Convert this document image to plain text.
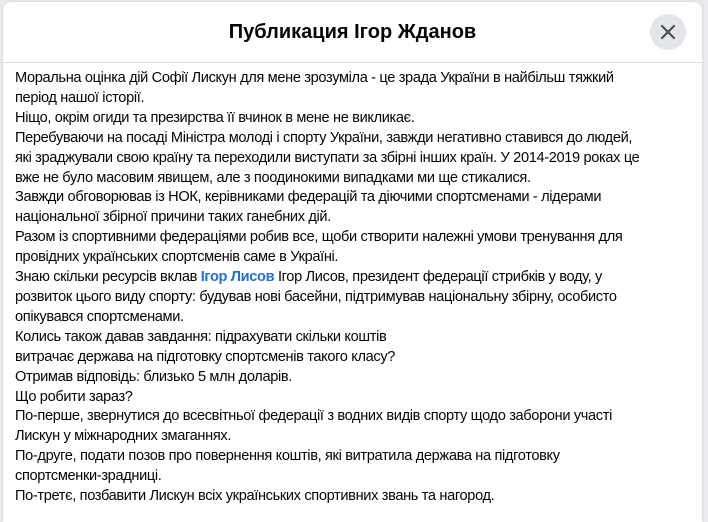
Публикация Ігор Жданов
Моральна оцінка дій Софії Лискун для мене зрозуміла - це зрада України в найбільш тяжкий
період нашої історії.
Ніщо, окрім огиди та презирства її вчинок в мене не викликає.
Перебуваючи на посаді Міністра молоді і спорту України, завжди негативно ставився до людей,
які зраджували свою країну та переходили виступати за збірні інших країн. У 2014-2019 роках це
вже не було масовим явищем, але з поодинокими випадками ми ще стикалися.
Завжди обговорював із НОК, керівниками федерацій та діючими спортсменами - лідерами
національної збірної причини таких ганебних дій.
Разом із спортивними федераціями робив все, щоби створити належні умови тренування для
провідних українських спортсменів саме в Україні.
Знаю скільки ресурсів вклав Ігор Лисов Ігор Лисов, президент федерації стрибків у воду, у
розвиток цього виду спорту: будував нові басейни, підтримував національну збірну, особисто
опікувався спортсменами.
Колись також давав завдання: підрахувати скільки коштів
витрачає держава на підготовку спортсменів такого класу?
Отримав відповідь: близько 5 млн доларів.
Що робити зараз?
По-перше, звернутися до всесвітньої федерації з водних видів спорту щодо заборони участі
Лискун у міжнародних змаганнях.
По-друге, подати позов про повернення коштів, які витратила держава на підготовку
спортсменки-зрадниці.
По-третє, позбавити Лискун всіх українських спортивних звань та нагород.
